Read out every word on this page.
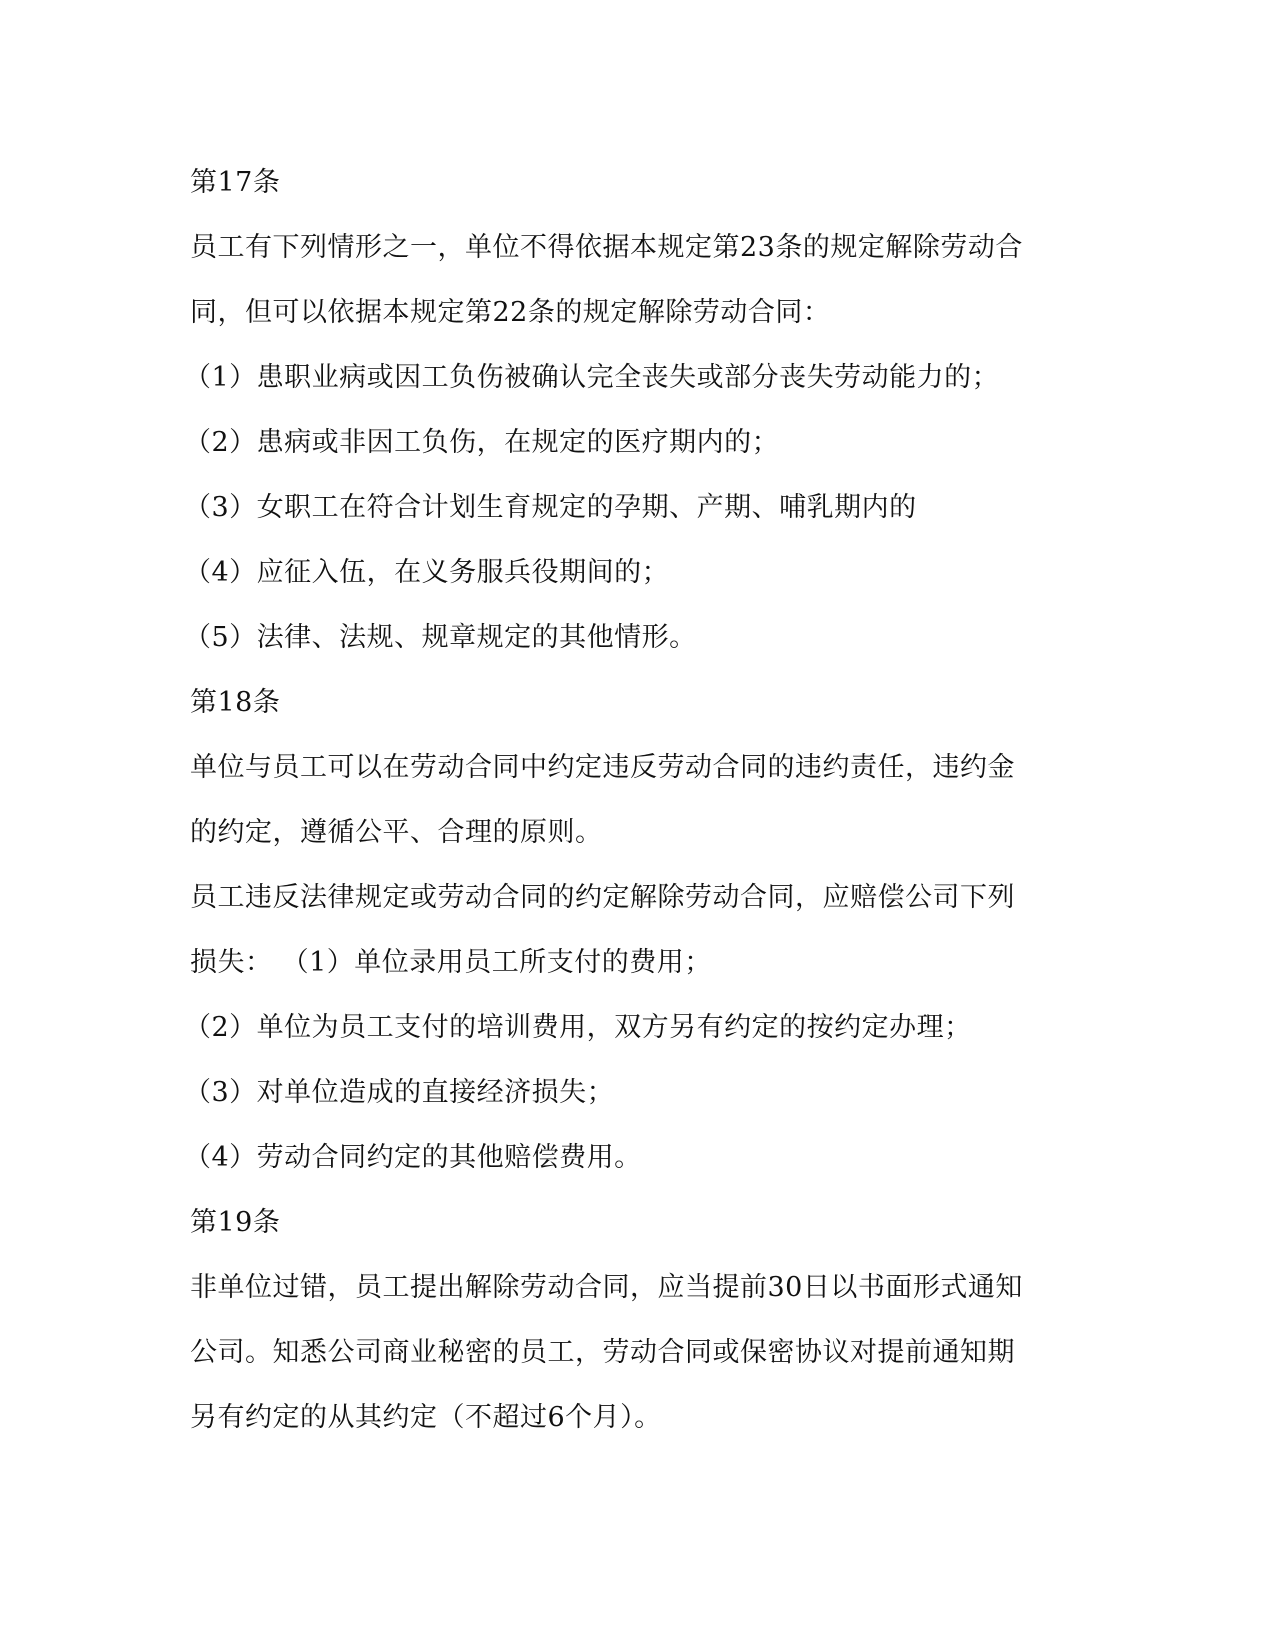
第17条
员工有下列情形之一，单位不得依据本规定第23条的规定解除劳动合
同，但可以依据本规定第22条的规定解除劳动合同：
（1）患职业病或因工负伤被确认完全丧失或部分丧失劳动能力的；
（2）患病或非因工负伤，在规定的医疗期内的；
（3）女职工在符合计划生育规定的孕期、产期、哺乳期内的
（4）应征入伍，在义务服兵役期间的；
（5）法律、法规、规章规定的其他情形。
第18条
单位与员工可以在劳动合同中约定违反劳动合同的违约责任，违约金
的约定，遵循公平、合理的原则。
员工违反法律规定或劳动合同的约定解除劳动合同，应赔偿公司下列
损失： （1）单位录用员工所支付的费用；
（2）单位为员工支付的培训费用，双方另有约定的按约定办理；
（3）对单位造成的直接经济损失；
（4）劳动合同约定的其他赔偿费用。
第19条
非单位过错，员工提出解除劳动合同，应当提前30日以书面形式通知
公司。知悉公司商业秘密的员工，劳动合同或保密协议对提前通知期
另有约定的从其约定（不超过6个月）。
